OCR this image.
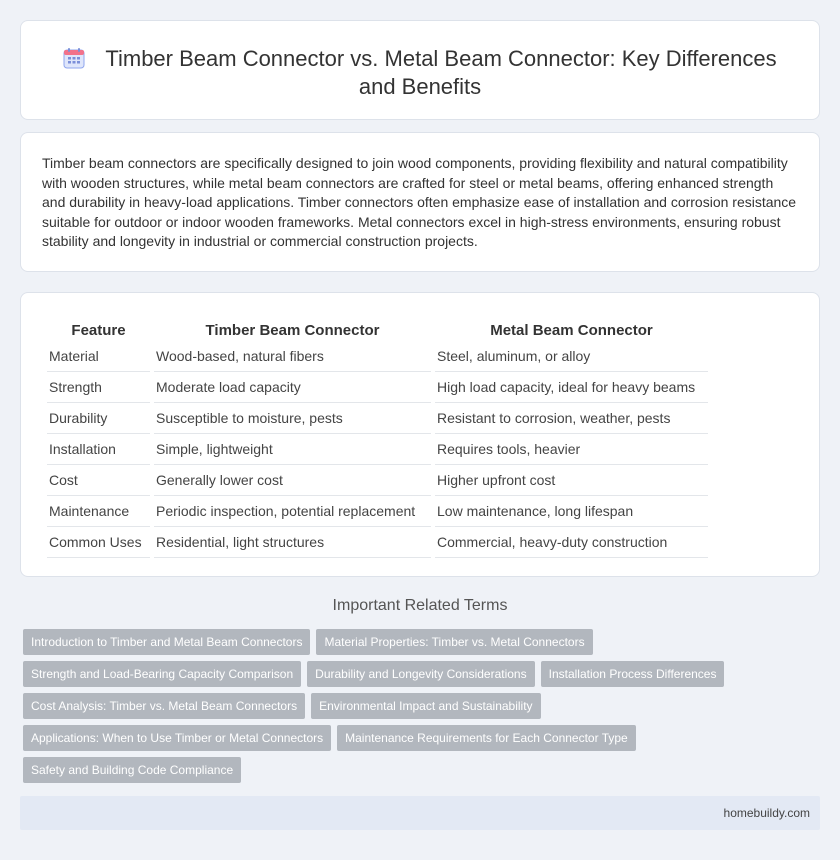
Timber Beam Connector vs. Metal Beam Connector: Key Differences and Benefits

Timber beam connectors are specifically designed to join wood components, providing flexibility and natural compatibility with wooden structures, while metal beam connectors are crafted for steel or metal beams, offering enhanced strength and durability in heavy-load applications. Timber connectors often emphasize ease of installation and corrosion resistance suitable for outdoor or indoor wooden frameworks. Metal connectors excel in high-stress environments, ensuring robust stability and longevity in industrial or commercial construction projects.

Feature	Timber Beam Connector	Metal Beam Connector
Material	Wood-based, natural fibers	Steel, aluminum, or alloy
Strength	Moderate load capacity	High load capacity, ideal for heavy beams
Durability	Susceptible to moisture, pests	Resistant to corrosion, weather, pests
Installation	Simple, lightweight	Requires tools, heavier
Cost	Generally lower cost	Higher upfront cost
Maintenance	Periodic inspection, potential replacement	Low maintenance, long lifespan
Common Uses	Residential, light structures	Commercial, heavy-duty construction
Important Related Terms
Introduction to Timber and Metal Beam Connectors	Material Properties: Timber vs. Metal Connectors
Strength and Load-Bearing Capacity Comparison	Durability and Longevity Considerations	Installation Process Differences
Cost Analysis: Timber vs. Metal Beam Connectors	Environmental Impact and Sustainability
Applications: When to Use Timber or Metal Connectors	Maintenance Requirements for Each Connector Type
Safety and Building Code Compliance
homebuildy.com
